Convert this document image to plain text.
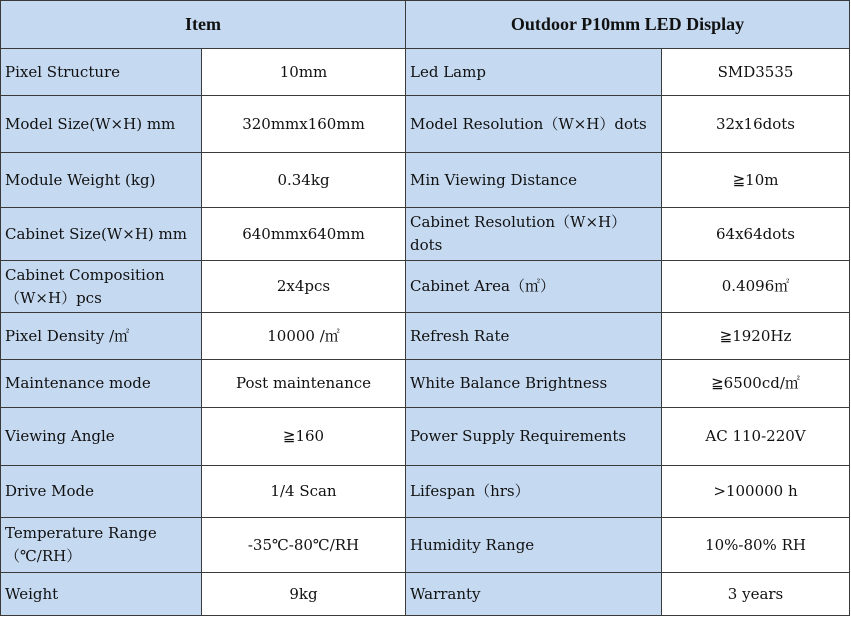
Item		Outdoor P10mm LED Display	
Pixel Structure	10mm	Led Lamp	SMD3535
Model Size(W×H) mm	320mmx160mm	Model Resolution（W×H）dots	32x16dots
Module Weight (kg)	0.34kg	Min Viewing Distance	≧10m
Cabinet Size(W×H) mm	640mmx640mm	Cabinet Resolution（W×H）dots	64x64dots
Cabinet Composition（W×H）pcs	2x4pcs	Cabinet Area（㎡）	0.4096㎡
Pixel Density /㎡	10000 /㎡	Refresh Rate	≧1920Hz
Maintenance mode	Post maintenance	White Balance Brightness	≧6500cd/㎡
Viewing Angle	≧160	Power Supply Requirements	AC 110-220V
Drive Mode	1/4 Scan	Lifespan（hrs）	>100000 h
Temperature Range（℃/RH）	-35℃-80℃/RH	Humidity Range	10%-80% RH
Weight	9kg	Warranty	3 years
